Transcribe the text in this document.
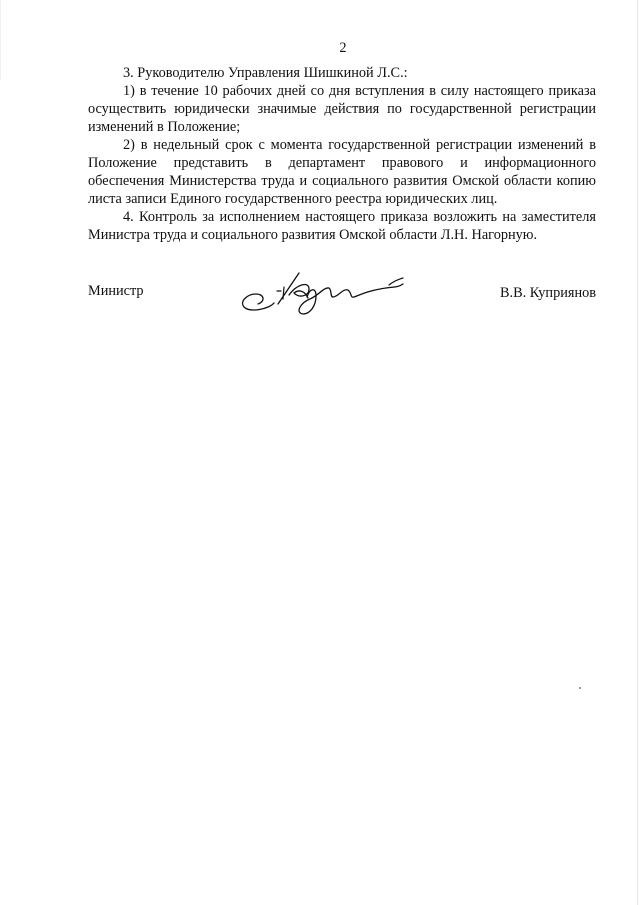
2

3. Руководителю Управления Шишкиной Л.С.:

1) в течение 10 рабочих дней со дня вступления в силу настоящего приказа осуществить юридически значимые действия по государственной регистрации изменений в Положение;

2) в недельный срок с момента государственной регистрации изменений в Положение представить в департамент правового и информационного обеспечения Министерства труда и социального развития Омской области копию листа записи Единого государственного реестра юридических лиц.

4. Контроль за исполнением настоящего приказа возложить на заместителя Министра труда и социального развития Омской области Л.Н. Нагорную.

Министр	В.В. Куприянов
